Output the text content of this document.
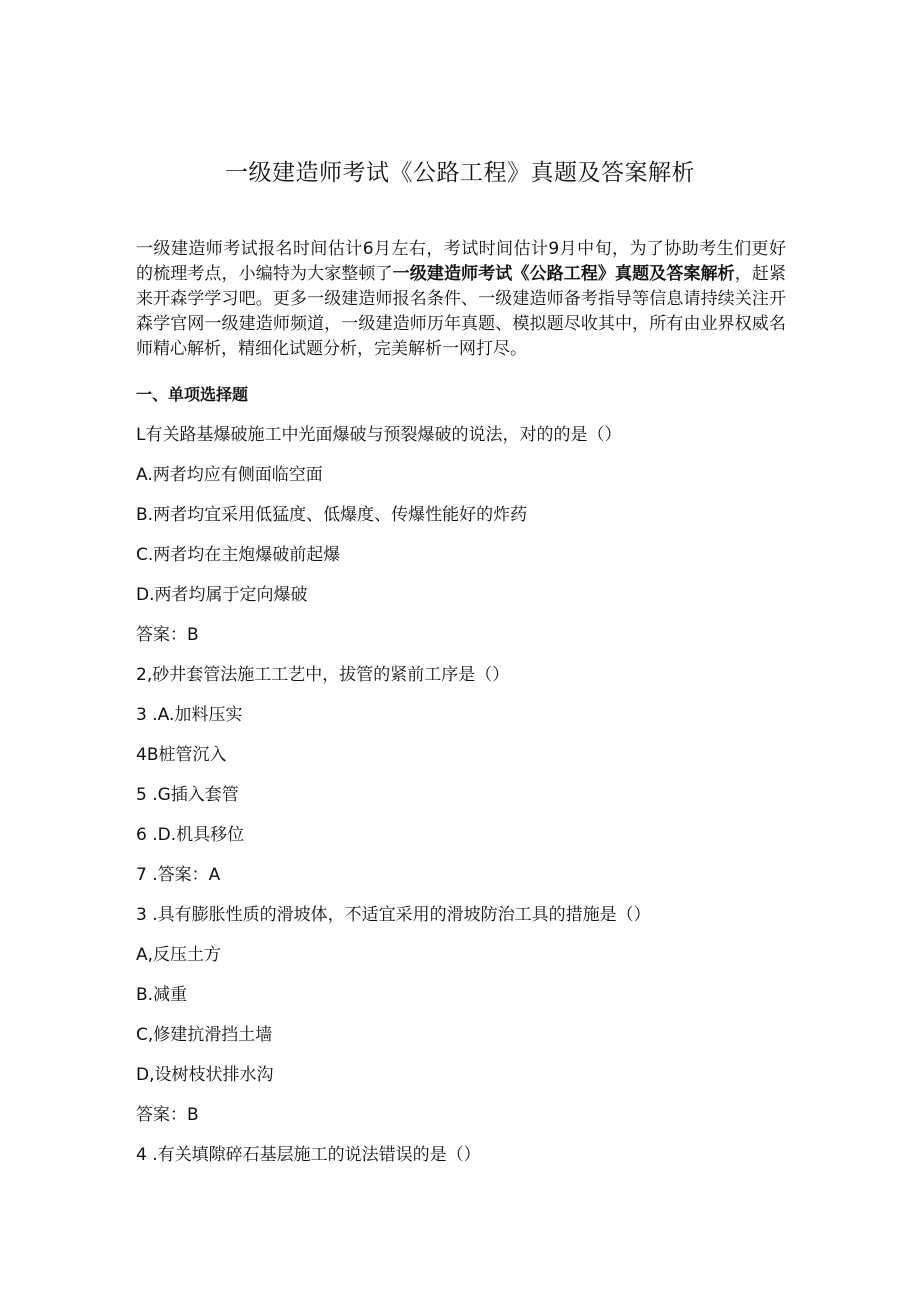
一级建造师考试《公路工程》真题及答案解析
一级建造师考试报名时间估计6月左右，考试时间估计9月中旬，为了协助考生们更好的梳理考点，小编特为大家整顿了一级建造师考试《公路工程》真题及答案解析，赶紧来开森学学习吧。更多一级建造师报名条件、一级建造师备考指导等信息请持续关注开森学官网一级建造师频道，一级建造师历年真题、模拟题尽收其中，所有由业界权威名师精心解析，精细化试题分析，完美解析一网打尽。
一、单项选择题
L有关路基爆破施工中光面爆破与预裂爆破的说法，对的的是（）
A.两者均应有侧面临空面
B.两者均宜采用低猛度、低爆度、传爆性能好的炸药
C.两者均在主炮爆破前起爆
D.两者均属于定向爆破
答案：B
2,砂井套管法施工工艺中，拔管的紧前工序是（）
3 .A.加料压实
4B桩管沉入
5 .G插入套管
6 .D.机具移位
7 .答案：A
3 .具有膨胀性质的滑坡体，不适宜采用的滑坡防治工具的措施是（）
A,反压土方
B.减重
C,修建抗滑挡土墙
D,设树枝状排水沟
答案：B
4 .有关填隙碎石基层施工的说法错误的是（）
